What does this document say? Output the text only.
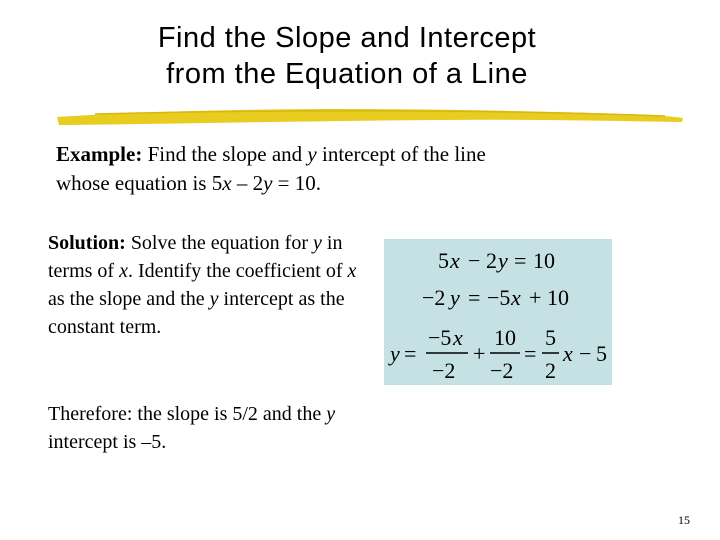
Find the Slope and Intercept
from the Equation of a Line
Example: Find the slope and y intercept of the line
whose equation is 5x – 2y = 10.
Solution: Solve the equation for y in terms of x. Identify the coefficient of x as the slope and the y intercept as the constant term.
5 x − 2 y = 10
−2 y = −5 x + 10
y =
−5 x
−2
+
10
−2
=
5
2
x − 5
Therefore: the slope is 5/2 and the y intercept is –5.
15
